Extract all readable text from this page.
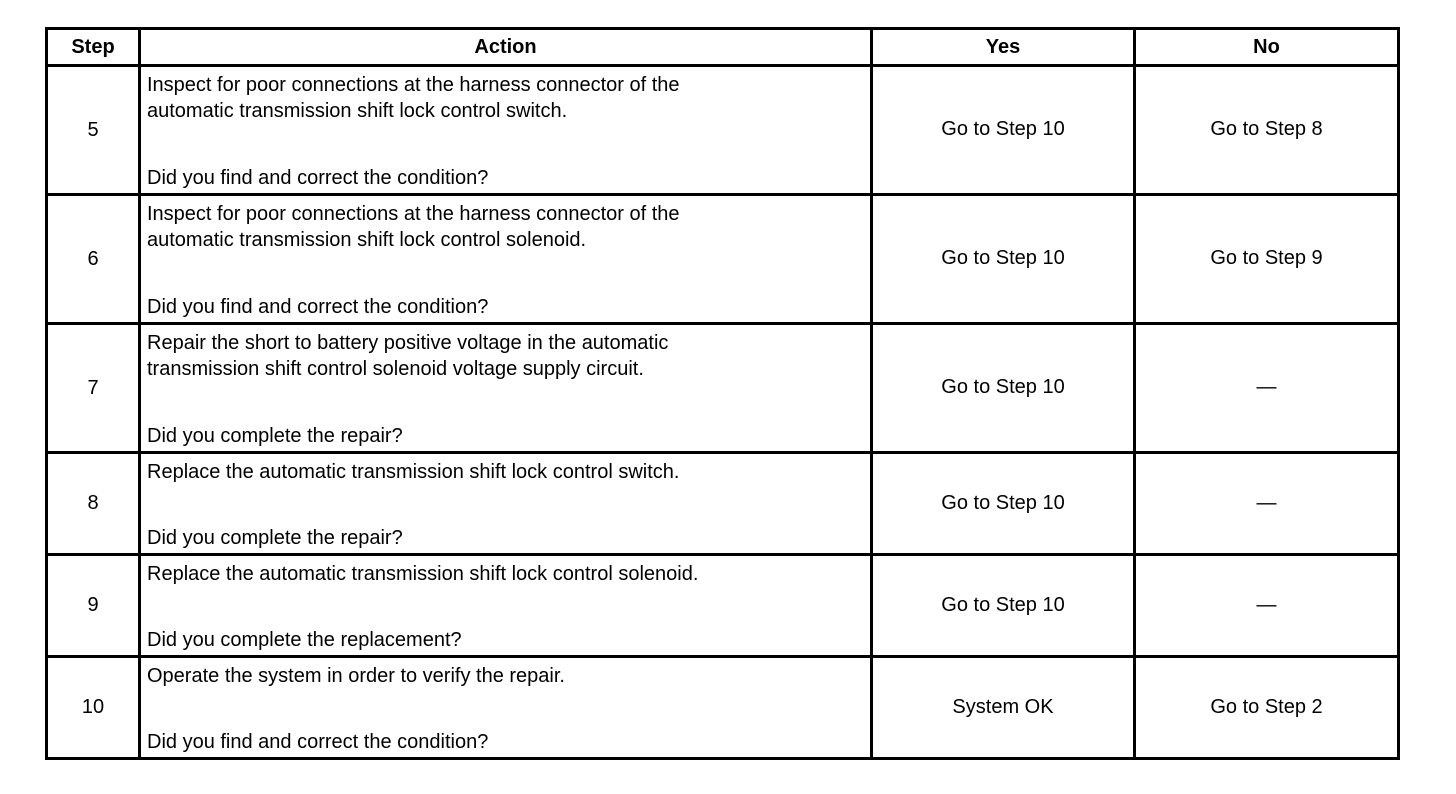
Step	Action	Yes	No
5	Inspect for poor connections at the harness connector of the
automatic transmission shift lock control switch.
Did you find and correct the condition?	Go to Step 10	Go to Step 8
6	Inspect for poor connections at the harness connector of the
automatic transmission shift lock control solenoid.
Did you find and correct the condition?	Go to Step 10	Go to Step 9
7	Repair the short to battery positive voltage in the automatic
transmission shift control solenoid voltage supply circuit.
Did you complete the repair?	Go to Step 10	—
8	Replace the automatic transmission shift lock control switch.
Did you complete the repair?	Go to Step 10	—
9	Replace the automatic transmission shift lock control solenoid.
Did you complete the replacement?	Go to Step 10	—
10	Operate the system in order to verify the repair.
Did you find and correct the condition?	System OK	Go to Step 2
